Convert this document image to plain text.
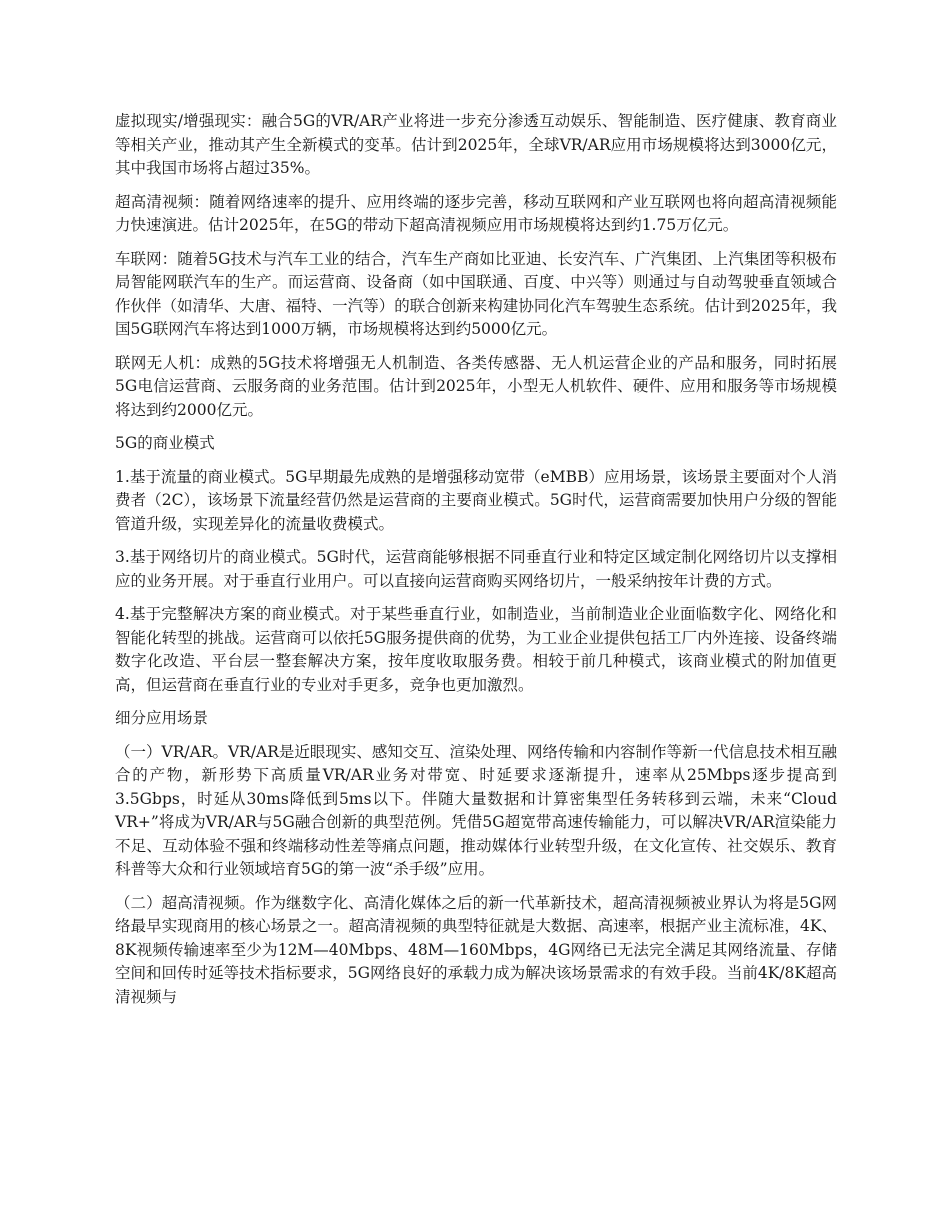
虚拟现实/增强现实：融合5G的VR/AR产业将进一步充分渗透互动娱乐、智能制造、医疗健康、教育商业等相关产业，推动其产生全新模式的变革。估计到2025年，全球VR/AR应用市场规模将达到3000亿元，其中我国市场将占超过35%。

超高清视频：随着网络速率的提升、应用终端的逐步完善，移动互联网和产业互联网也将向超高清视频能力快速演进。估计2025年，在5G的带动下超高清视频应用市场规模将达到约1.75万亿元。

车联网：随着5G技术与汽车工业的结合，汽车生产商如比亚迪、长安汽车、广汽集团、上汽集团等积极布局智能网联汽车的生产。而运营商、设备商（如中国联通、百度、中兴等）则通过与自动驾驶垂直领域合作伙伴（如清华、大唐、福特、一汽等）的联合创新来构建协同化汽车驾驶生态系统。估计到2025年，我国5G联网汽车将达到1000万辆，市场规模将达到约5000亿元。

联网无人机：成熟的5G技术将增强无人机制造、各类传感器、无人机运营企业的产品和服务，同时拓展5G电信运营商、云服务商的业务范围。估计到2025年，小型无人机软件、硬件、应用和服务等市场规模将达到约2000亿元。

5G的商业模式

1.基于流量的商业模式。5G早期最先成熟的是增强移动宽带（eMBB）应用场景，该场景主要面对个人消费者（2C），该场景下流量经营仍然是运营商的主要商业模式。5G时代，运营商需要加快用户分级的智能管道升级，实现差异化的流量收费模式。

3.基于网络切片的商业模式。5G时代，运营商能够根据不同垂直行业和特定区域定制化网络切片以支撑相应的业务开展。对于垂直行业用户。可以直接向运营商购买网络切片，一般采纳按年计费的方式。

4.基于完整解决方案的商业模式。对于某些垂直行业，如制造业，当前制造业企业面临数字化、网络化和智能化转型的挑战。运营商可以依托5G服务提供商的优势，为工业企业提供包括工厂内外连接、设备终端数字化改造、平台层一整套解决方案，按年度收取服务费。相较于前几种模式，该商业模式的附加值更高，但运营商在垂直行业的专业对手更多，竞争也更加激烈。

细分应用场景

（一）VR/AR。VR/AR是近眼现实、感知交互、渲染处理、网络传输和内容制作等新一代信息技术相互融合的产物，新形势下高质量VR/AR业务对带宽、时延要求逐渐提升，速率从25Mbps逐步提高到3.5Gbps，时延从30ms降低到5ms以下。伴随大量数据和计算密集型任务转移到云端，未来“Cloud VR+”将成为VR/AR与5G融合创新的典型范例。凭借5G超宽带高速传输能力，可以解决VR/AR渲染能力不足、互动体验不强和终端移动性差等痛点问题，推动媒体行业转型升级，在文化宣传、社交娱乐、教育科普等大众和行业领域培育5G的第一波“杀手级”应用。

（二）超高清视频。作为继数字化、高清化媒体之后的新一代革新技术，超高清视频被业界认为将是5G网络最早实现商用的核心场景之一。超高清视频的典型特征就是大数据、高速率，根据产业主流标准，4K、8K视频传输速率至少为12M—40Mbps、48M—160Mbps，4G网络已无法完全满足其网络流量、存储空间和回传时延等技术指标要求，5G网络良好的承载力成为解决该场景需求的有效手段。当前4K/8K超高清视频与
